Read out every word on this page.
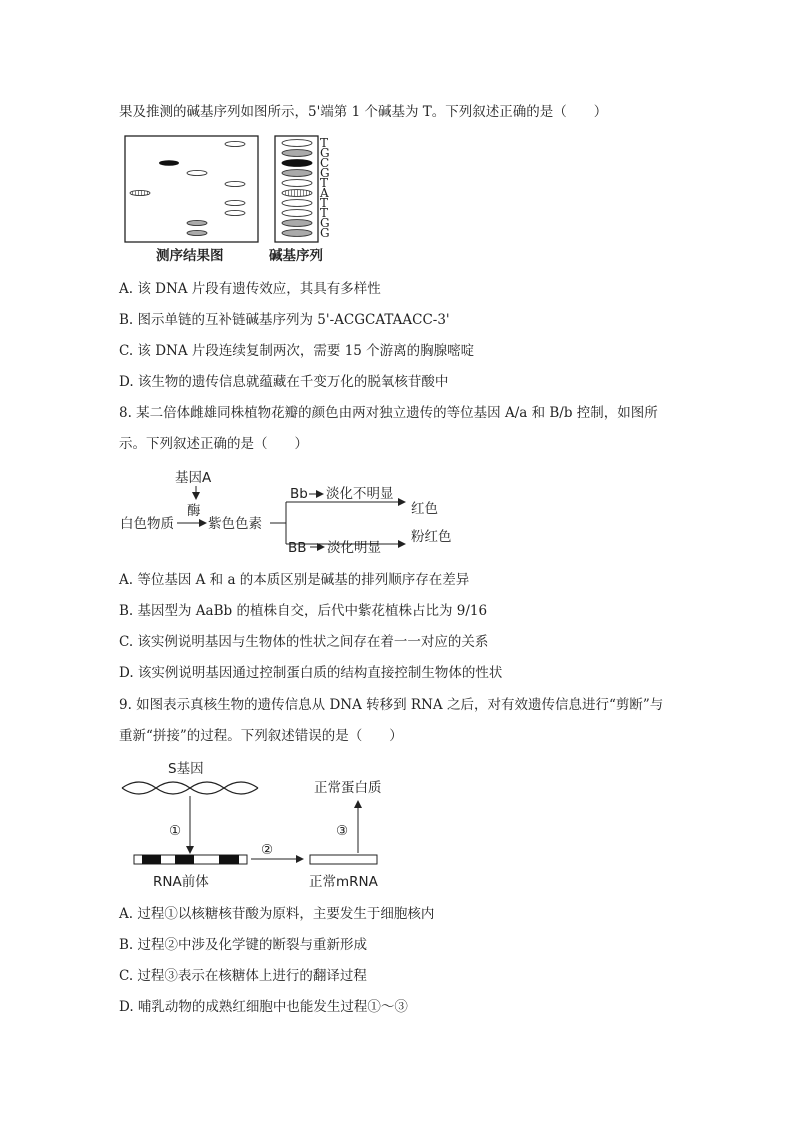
果及推测的碱基序列如图所示，5'端第 1 个碱基为 T。下列叙述正确的是（　　）
T
G
C
G
T
A
T
T
G
G
测序结果图	碱基序列
A. 该 DNA 片段有遗传效应，其具有多样性
B. 图示单链的互补链碱基序列为 5'-ACGCATAACC-3'
C. 该 DNA 片段连续复制两次，需要 15 个游离的胸腺嘧啶
D. 该生物的遗传信息就蕴藏在千变万化的脱氧核苷酸中
8. 某二倍体雌雄同株植物花瓣的颜色由两对独立遗传的等位基因 A/a 和 B/b 控制，如图所
示。下列叙述正确的是（　　）
基因A
酶
白色物质	紫色色素
Bb 淡化不明显
BB 淡化明显
红色
粉红色
A. 等位基因 A 和 a 的本质区别是碱基的排列顺序存在差异
B. 基因型为 AaBb 的植株自交，后代中紫花植株占比为 9/16
C. 该实例说明基因与生物体的性状之间存在着一一对应的关系
D. 该实例说明基因通过控制蛋白质的结构直接控制生物体的性状
9. 如图表示真核生物的遗传信息从 DNA 转移到 RNA 之后，对有效遗传信息进行“剪断”与
重新“拼接”的过程。下列叙述错误的是（　　）
S基因
①
RNA前体
②
正常mRNA
③
正常蛋白质
A. 过程①以核糖核苷酸为原料，主要发生于细胞核内
B. 过程②中涉及化学键的断裂与重新形成
C. 过程③表示在核糖体上进行的翻译过程
D. 哺乳动物的成熟红细胞中也能发生过程①～③
